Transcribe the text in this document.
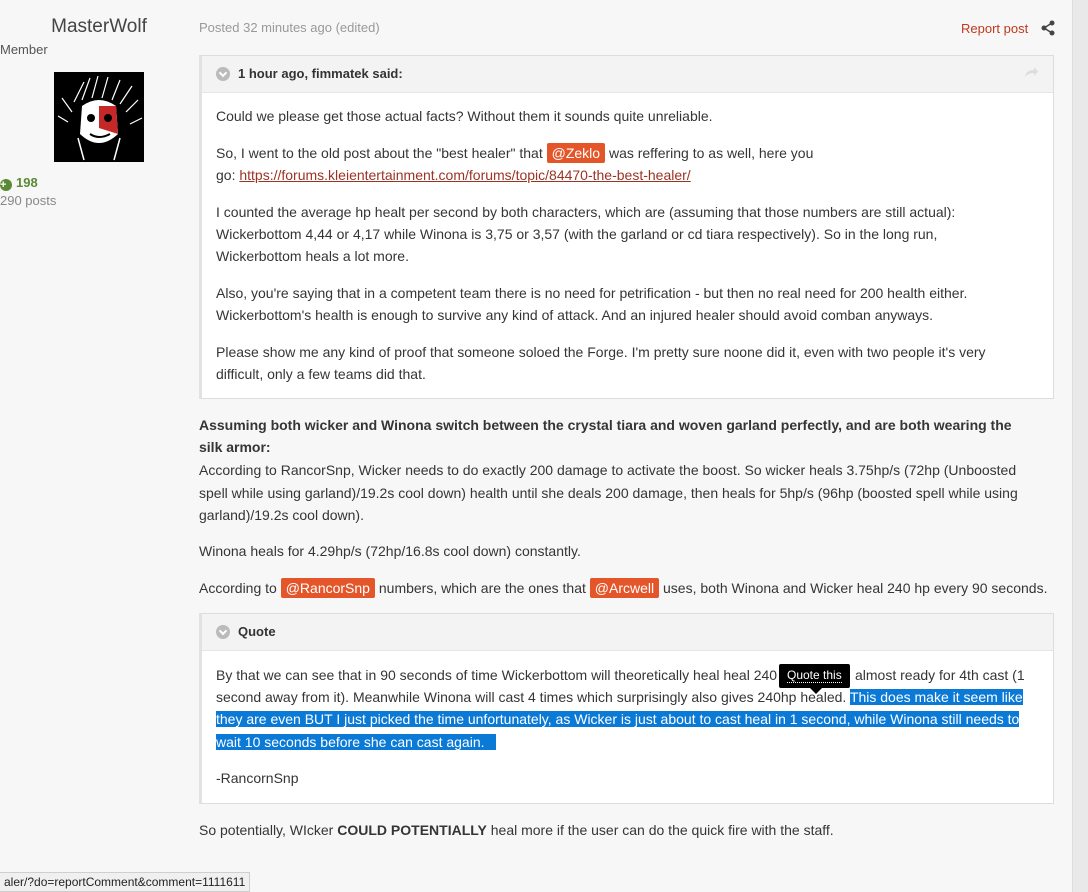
MasterWolf
Member
+ 198
290 posts
Posted 32 minutes ago (edited)	Report post
1 hour ago, fimmatek said:
Could we please get those actual facts? Without them it sounds quite unreliable.
So, I went to the old post about the "best healer" that @Zeklo was reffering to as well, here you
go: https://forums.kleientertainment.com/forums/topic/84470-the-best-healer/
I counted the average hp healt per second by both characters, which are (assuming that those numbers are still actual):
Wickerbottom 4,44 or 4,17 while Winona is 3,75 or 3,57 (with the garland or cd tiara respectively). So in the long run,
Wickerbottom heals a lot more.
Also, you're saying that in a competent team there is no need for petrification - but then no real need for 200 health either.
Wickerbottom's health is enough to survive any kind of attack. And an injured healer should avoid comban anyways.
Please show me any kind of proof that someone soloed the Forge. I'm pretty sure noone did it, even with two people it's very
difficult, only a few teams did that.
Assuming both wicker and Winona switch between the crystal tiara and woven garland perfectly, and are both wearing the
silk armor:
According to RancorSnp, Wicker needs to do exactly 200 damage to activate the boost. So wicker heals 3.75hp/s (72hp (Unboosted
spell while using garland)/19.2s cool down) health until she deals 200 damage, then heals for 5hp/s (96hp (boosted spell while using
garland)/19.2s cool down).
Winona heals for 4.29hp/s (72hp/16.8s cool down) constantly.
According to @RancorSnp numbers, which are the ones that @Arcwell uses, both Winona and Wicker heal 240 hp every 90 seconds.
Quote
By that we can see that in 90 seconds of time Wickerbottom will theoretically heal heal 240	almost ready for 4th cast (1
second away from it). Meanwhile Winona will cast 4 times which surprisingly also gives 240hp healed. This does make it seem like
they are even BUT I just picked the time unfortunately, as Wicker is just about to cast heal in 1 second, while Winona still needs to
wait 10 seconds before she can cast again.
-RancornSnp
Quote this
So potentially, WIcker COULD POTENTIALLY heal more if the user can do the quick fire with the staff.
aler/?do=reportComment&comment=1111611
